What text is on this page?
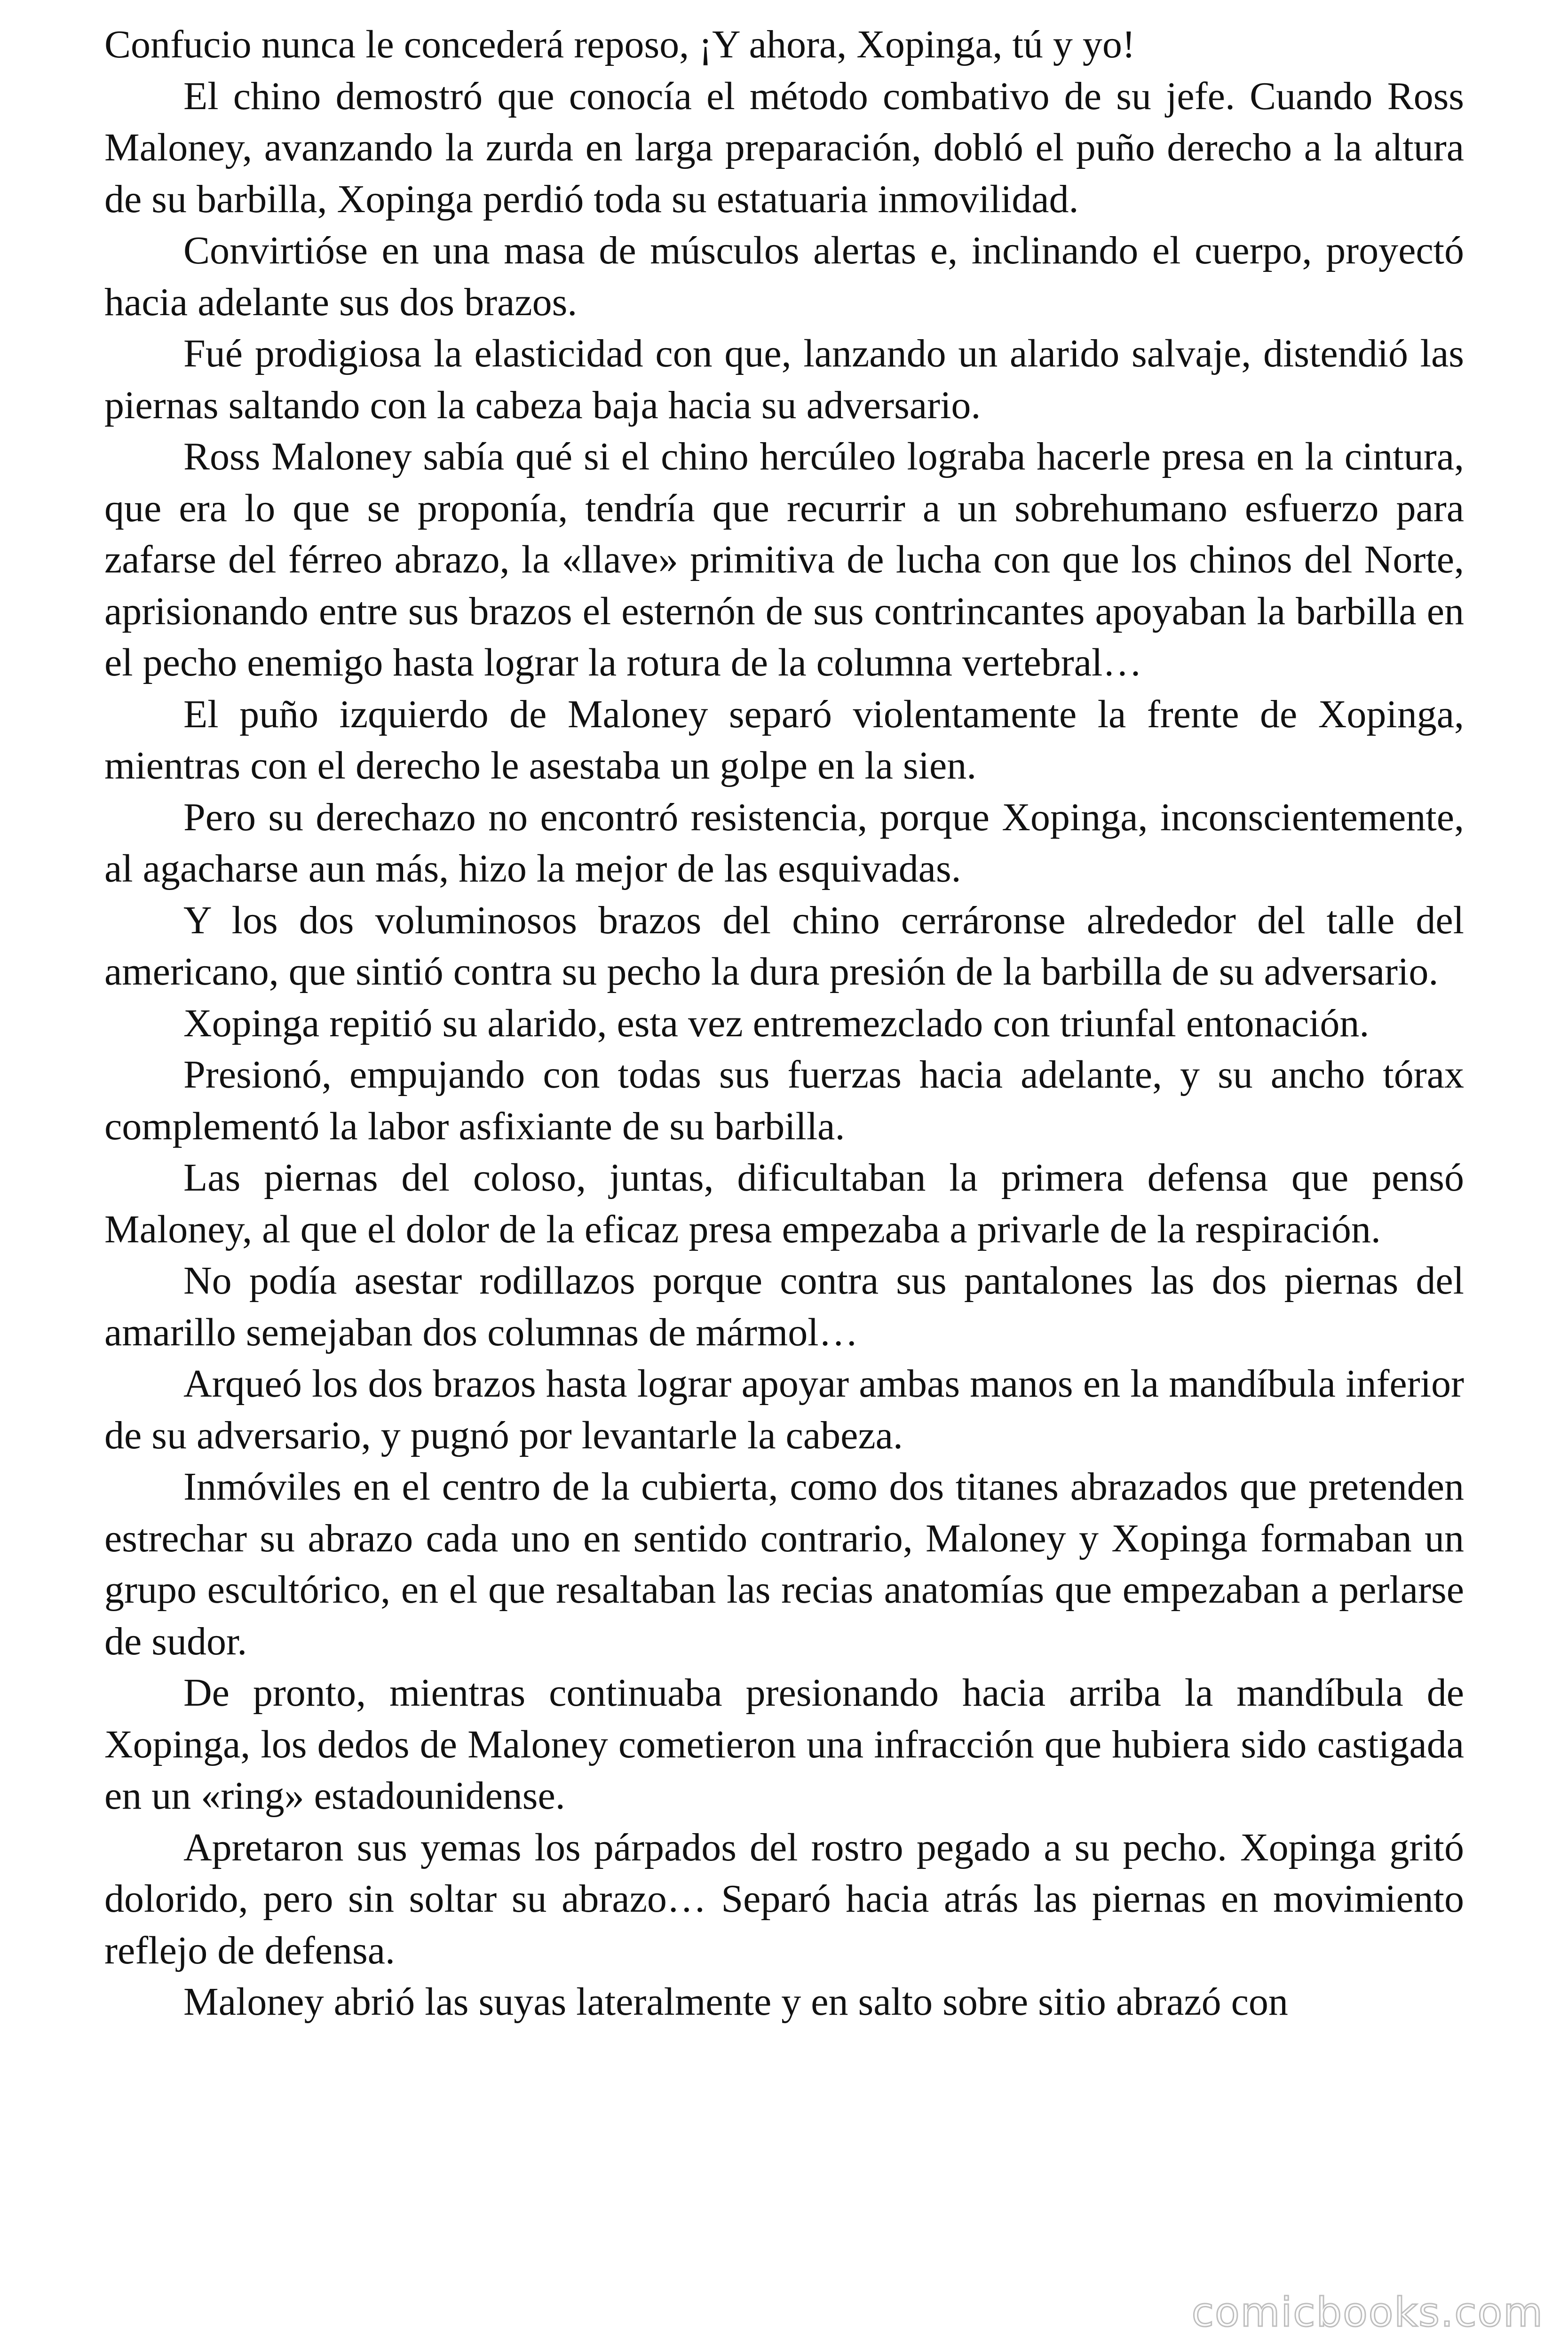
Confucio nunca le concederá reposo, ¡Y ahora, Xopinga, tú y yo!

El chino demostró que conocía el método combativo de su jefe. Cuando Ross Maloney, avanzando la zurda en larga preparación, dobló el puño derecho a la altura de su barbilla, Xopinga perdió toda su estatuaria inmovilidad.

Convirtióse en una masa de músculos alertas e, inclinando el cuerpo, proyectó hacia adelante sus dos brazos.

Fué prodigiosa la elasticidad con que, lanzando un alarido salvaje, distendió las piernas saltando con la cabeza baja hacia su adversario.

Ross Maloney sabía qué si el chino hercúleo lograba hacerle presa en la cintura, que era lo que se proponía, tendría que recurrir a un sobrehumano esfuerzo para zafarse del férreo abrazo, la «llave» primitiva de lucha con que los chinos del Norte, aprisionando entre sus brazos el esternón de sus contrincantes apoyaban la barbilla en el pecho enemigo hasta lograr la rotura de la columna vertebral…

El puño izquierdo de Maloney separó violentamente la frente de Xopinga, mientras con el derecho le asestaba un golpe en la sien.

Pero su derechazo no encontró resistencia, porque Xopinga, inconscientemente, al agacharse aun más, hizo la mejor de las esquivadas.

Y los dos voluminosos brazos del chino cerráronse alrededor del talle del americano, que sintió contra su pecho la dura presión de la barbilla de su adversario.

Xopinga repitió su alarido, esta vez entremezclado con triunfal entonación.

Presionó, empujando con todas sus fuerzas hacia adelante, y su ancho tórax complementó la labor asfixiante de su barbilla.

Las piernas del coloso, juntas, dificultaban la primera defensa que pensó Maloney, al que el dolor de la eficaz presa empezaba a privarle de la respiración.

No podía asestar rodillazos porque contra sus pantalones las dos piernas del amarillo semejaban dos columnas de mármol…

Arqueó los dos brazos hasta lograr apoyar ambas manos en la mandíbula inferior de su adversario, y pugnó por levantarle la cabeza.

Inmóviles en el centro de la cubierta, como dos titanes abrazados que pretenden estrechar su abrazo cada uno en sentido contrario, Maloney y Xopinga formaban un grupo escultórico, en el que resaltaban las recias anatomías que empezaban a perlarse de sudor.

De pronto, mientras continuaba presionando hacia arriba la mandíbula de Xopinga, los dedos de Maloney cometieron una infracción que hubiera sido castigada en un «ring» estadounidense.

Apretaron sus yemas los párpados del rostro pegado a su pecho. Xopinga gritó dolorido, pero sin soltar su abrazo… Separó hacia atrás las piernas en movimiento reflejo de defensa.

Maloney abrió las suyas lateralmente y en salto sobre sitio abrazó con

comicbooks.com
